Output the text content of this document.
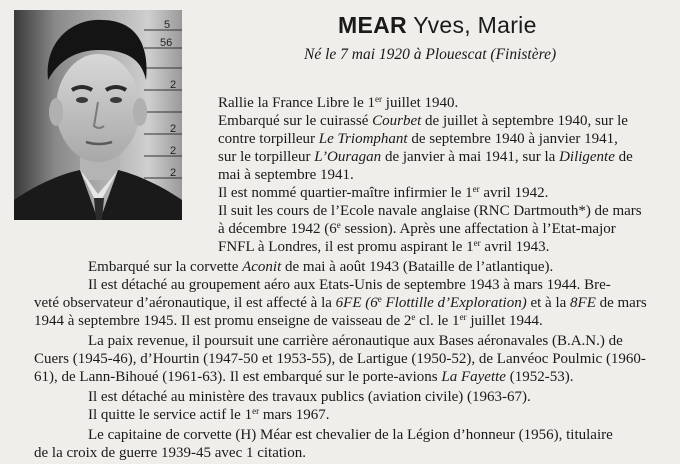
5
56
2
2
2
2
MEAR Yves, Marie
Né le 7 mai 1920 à Plouescat (Finistère)
Rallie la France Libre le 1er juillet 1940.
Embarqué sur le cuirassé Courbet de juillet à septembre 1940, sur le
contre torpilleur Le Triomphant de septembre 1940 à janvier 1941,
sur le torpilleur L’Ouragan de janvier à mai 1941, sur la Diligente de
mai à septembre 1941.
Il est nommé quartier-maître infirmier le 1er avril 1942.
Il suit les cours de l’Ecole navale anglaise (RNC Dartmouth*) de mars
à décembre 1942 (6e session). Après une affectation à l’Etat-major
FNFL à Londres, il est promu aspirant le 1er avril 1943.
Embarqué sur la corvette Aconit de mai à août 1943 (Bataille de l’atlantique).
Il est détaché au groupement aéro aux Etats-Unis de septembre 1943 à mars 1944. Bre-
veté observateur d’aéronautique, il est affecté à la 6FE (6e Flottille d’Exploration) et à la 8FE de mars
1944 à septembre 1945. Il est promu enseigne de vaisseau de 2e cl. le 1er juillet 1944.
La paix revenue, il poursuit une carrière aéronautique aux Bases aéronavales (B.A.N.) de
Cuers (1945-46), d’Hourtin (1947-50 et 1953-55), de Lartigue (1950-52), de Lanvéoc Poulmic (1960-
61), de Lann-Bihoué (1961-63). Il est embarqué sur le porte-avions La Fayette (1952-53).
Il est détaché au ministère des travaux publics (aviation civile) (1963-67).
Il quitte le service actif le 1er mars 1967.
Le capitaine de corvette (H) Méar est chevalier de la Légion d’honneur (1956), titulaire
de la croix de guerre 1939-45 avec 1 citation.
